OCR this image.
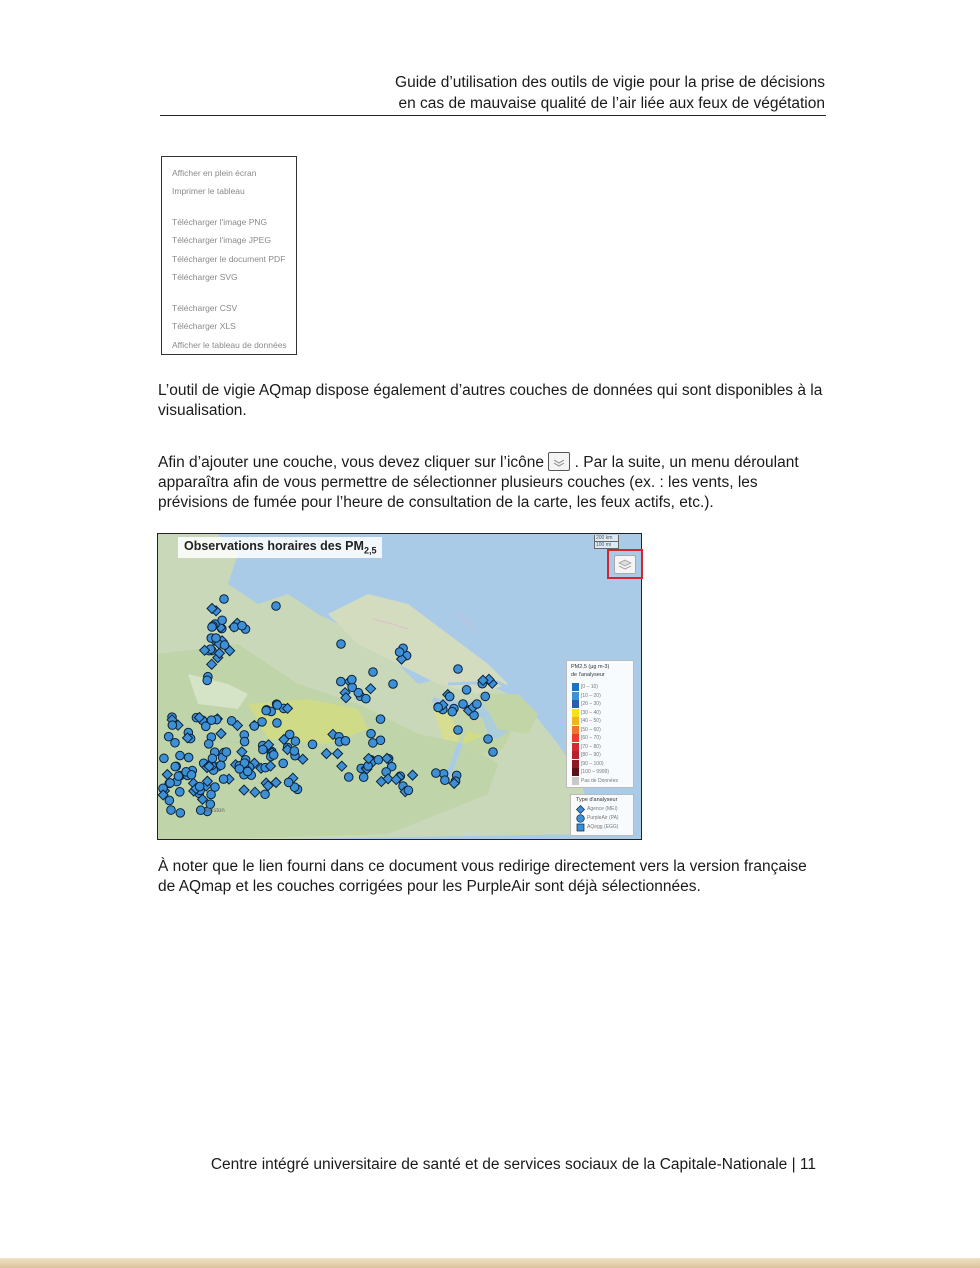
Guide d’utilisation des outils de vigie pour la prise de décisions
en cas de mauvaise qualité de l’air liée aux feux de végétation
Afficher en plein écran
Imprimer le tableau
Télécharger l'image PNG
Télécharger l'image JPEG
Télécharger le document PDF
Télécharger SVG
Télécharger CSV
Télécharger XLS
Afficher le tableau de données
L’outil de vigie AQmap dispose également d’autres couches de données qui sont disponibles à la visualisation.
Afin d’ajouter une couche, vous devez cliquer sur l’icône . Par la suite, un menu déroulant apparaîtra afin de vous permettre de sélectionner plusieurs couches (ex. : les vents, les prévisions de fumée pour l’heure de consultation de la carte, les feux actifs, etc.).
Observations horaires des $PM_{2,5}$
200 km
100 mi
PM2,5 (µg m-3)
de l'analyseur
[0 – 10)
[10 – 20)
[20 – 30)
[30 – 40)
[40 – 50)
[50 – 60)
[60 – 70)
[70 – 80)
[80 – 90)
[90 – 100)
[100 – 9999)
Pas de Données
Type d'analyseur
Agence (MEI)
PurpleAir (PA)
AQegg (EGG)
Boston
À noter que le lien fourni dans ce document vous redirige directement vers la version française de AQmap et les couches corrigées pour les PurpleAir sont déjà sélectionnées.
Centre intégré universitaire de santé et de services sociaux de la Capitale-Nationale | 11
